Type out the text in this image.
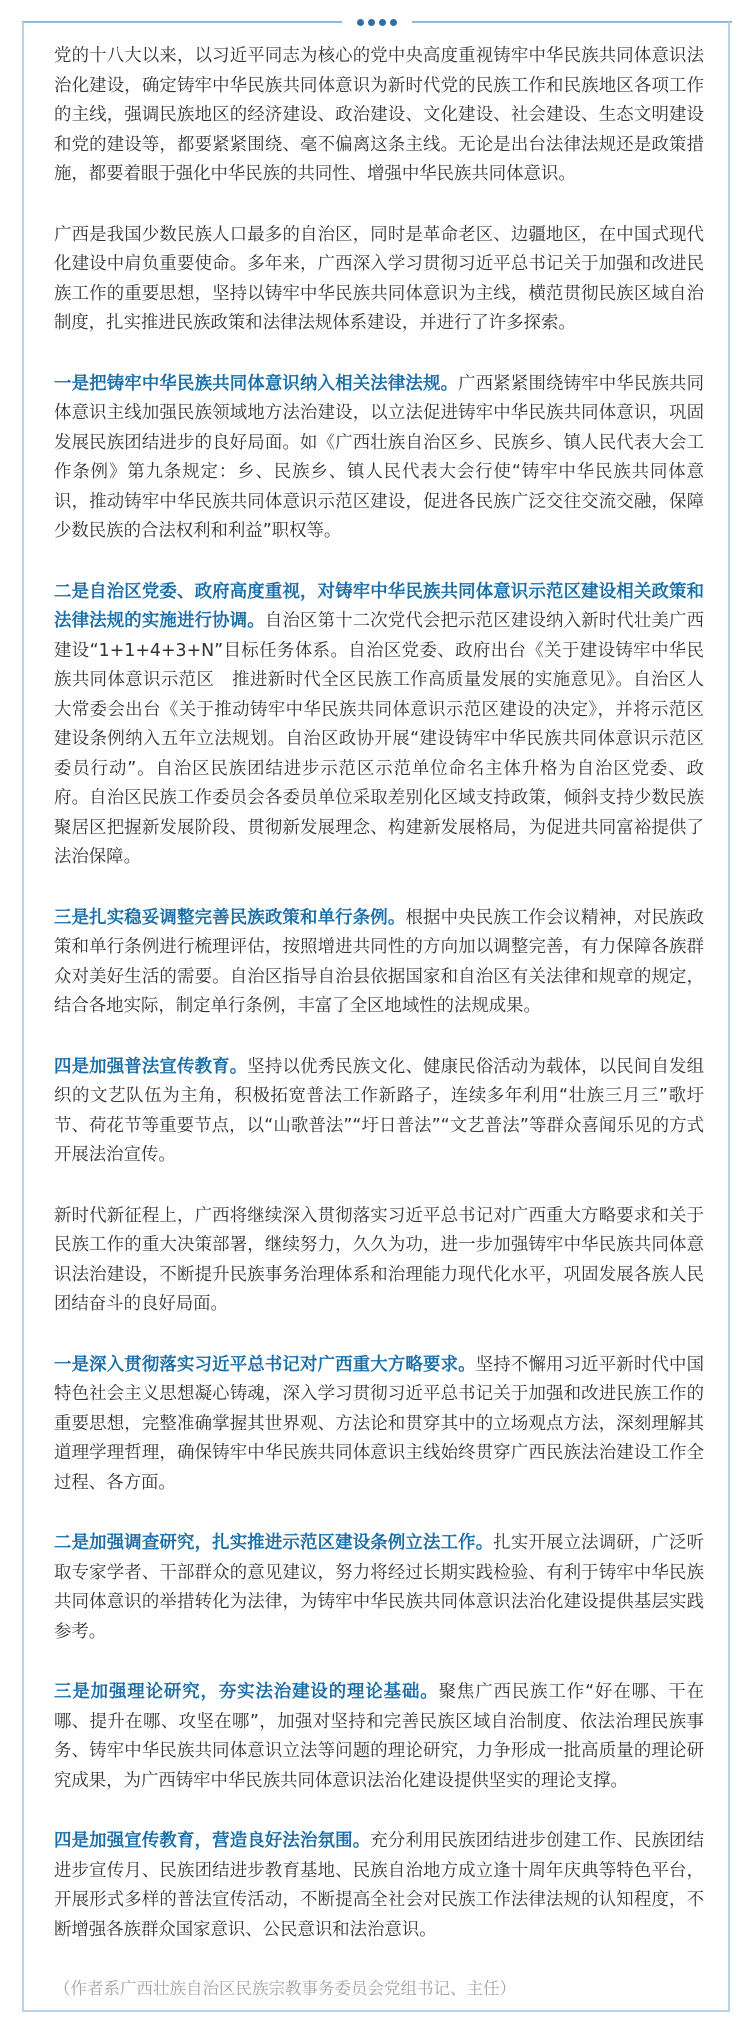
党的十八大以来，以习近平同志为核心的党中央高度重视铸牢中华民族共同体意识法治化建设，确定铸牢中华民族共同体意识为新时代党的民族工作和民族地区各项工作的主线，强调民族地区的经济建设、政治建设、文化建设、社会建设、生态文明建设和党的建设等，都要紧紧围绕、毫不偏离这条主线。无论是出台法律法规还是政策措施，都要着眼于强化中华民族的共同性、增强中华民族共同体意识。

广西是我国少数民族人口最多的自治区，同时是革命老区、边疆地区，在中国式现代化建设中肩负重要使命。多年来，广西深入学习贯彻习近平总书记关于加强和改进民族工作的重要思想，坚持以铸牢中华民族共同体意识为主线，横范贯彻民族区域自治制度，扎实推进民族政策和法律法规体系建设，并进行了许多探索。

一是把铸牢中华民族共同体意识纳入相关法律法规。广西紧紧围绕铸牢中华民族共同体意识主线加强民族领域地方法治建设，以立法促进铸牢中华民族共同体意识，巩固发展民族团结进步的良好局面。如《广西壮族自治区乡、民族乡、镇人民代表大会工作条例》第九条规定：乡、民族乡、镇人民代表大会行使“铸牢中华民族共同体意识，推动铸牢中华民族共同体意识示范区建设，促进各民族广泛交往交流交融，保障少数民族的合法权利和利益”职权等。

二是自治区党委、政府高度重视，对铸牢中华民族共同体意识示范区建设相关政策和法律法规的实施进行协调。自治区第十二次党代会把示范区建设纳入新时代壮美广西建设“1+1+4+3+N”目标任务体系。自治区党委、政府出台《关于建设铸牢中华民族共同体意识示范区　推进新时代全区民族工作高质量发展的实施意见》。自治区人大常委会出台《关于推动铸牢中华民族共同体意识示范区建设的决定》，并将示范区建设条例纳入五年立法规划。自治区政协开展“建设铸牢中华民族共同体意识示范区委员行动”。自治区民族团结进步示范区示范单位命名主体升格为自治区党委、政府。自治区民族工作委员会各委员单位采取差别化区域支持政策，倾斜支持少数民族聚居区把握新发展阶段、贯彻新发展理念、构建新发展格局，为促进共同富裕提供了法治保障。

三是扎实稳妥调整完善民族政策和单行条例。根据中央民族工作会议精神，对民族政策和单行条例进行梳理评估，按照增进共同性的方向加以调整完善，有力保障各族群众对美好生活的需要。自治区指导自治县依据国家和自治区有关法律和规章的规定，结合各地实际，制定单行条例，丰富了全区地域性的法规成果。

四是加强普法宣传教育。坚持以优秀民族文化、健康民俗活动为载体，以民间自发组织的文艺队伍为主角，积极拓宽普法工作新路子，连续多年利用“壮族三月三”歌圩节、荷花节等重要节点，以“山歌普法”“圩日普法”“文艺普法”等群众喜闻乐见的方式开展法治宣传。

新时代新征程上，广西将继续深入贯彻落实习近平总书记对广西重大方略要求和关于民族工作的重大决策部署，继续努力，久久为功，进一步加强铸牢中华民族共同体意识法治建设，不断提升民族事务治理体系和治理能力现代化水平，巩固发展各族人民团结奋斗的良好局面。

一是深入贯彻落实习近平总书记对广西重大方略要求。坚持不懈用习近平新时代中国特色社会主义思想凝心铸魂，深入学习贯彻习近平总书记关于加强和改进民族工作的重要思想，完整准确掌握其世界观、方法论和贯穿其中的立场观点方法，深刻理解其道理学理哲理，确保铸牢中华民族共同体意识主线始终贯穿广西民族法治建设工作全过程、各方面。

二是加强调查研究，扎实推进示范区建设条例立法工作。扎实开展立法调研，广泛听取专家学者、干部群众的意见建议，努力将经过长期实践检验、有利于铸牢中华民族共同体意识的举措转化为法律，为铸牢中华民族共同体意识法治化建设提供基层实践参考。

三是加强理论研究，夯实法治建设的理论基础。聚焦广西民族工作“好在哪、干在哪、提升在哪、攻坚在哪”，加强对坚持和完善民族区域自治制度、依法治理民族事务、铸牢中华民族共同体意识立法等问题的理论研究，力争形成一批高质量的理论研究成果，为广西铸牢中华民族共同体意识法治化建设提供坚实的理论支撑。

四是加强宣传教育，营造良好法治氛围。充分利用民族团结进步创建工作、民族团结进步宣传月、民族团结进步教育基地、民族自治地方成立逢十周年庆典等特色平台，开展形式多样的普法宣传活动，不断提高全社会对民族工作法律法规的认知程度，不断增强各族群众国家意识、公民意识和法治意识。

（作者系广西壮族自治区民族宗教事务委员会党组书记、主任）
